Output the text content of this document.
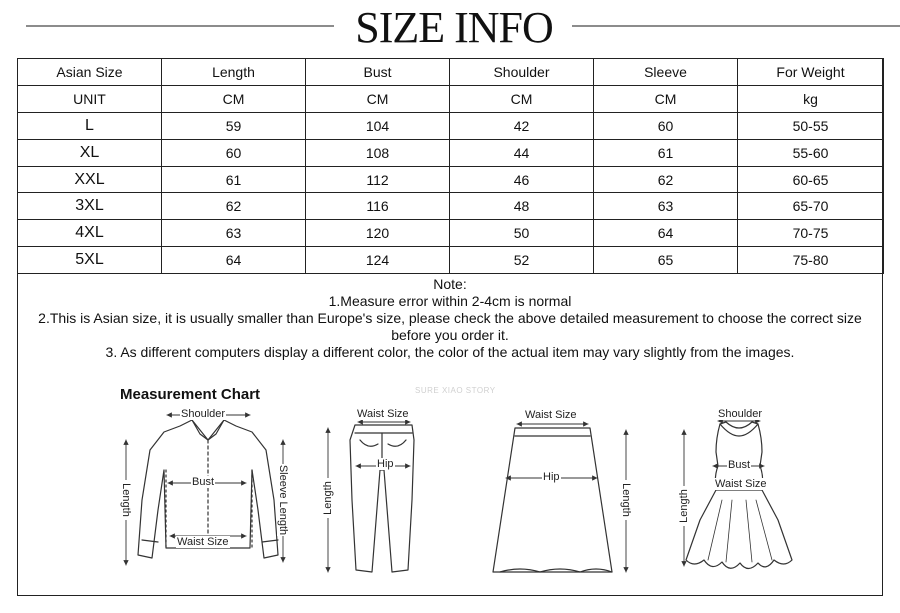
SIZE INFO
Asian Size	Length	Bust	Shoulder	Sleeve	For Weight
UNIT	CM	CM	CM	CM	kg
L	59	104	42	60	50-55
XL	60	108	44	61	55-60
XXL	61	112	46	62	60-65
3XL	62	116	48	63	65-70
4XL	63	120	50	64	70-75
5XL	64	124	52	65	75-80
Note:
1.Measure error within 2-4cm is normal
2.This is Asian size, it is usually smaller than Europe's size, please check the above detailed measurement to choose the correct size before you order it.
3. As different computers display a different color, the color of the actual item may vary slightly from the images.
Measurement Chart	SURE XIAO STORY
Shoulder
Bust
Waist Size
Length	Sleeve Length
Waist Size
Hip
Length
Waist Size
Hip
Length
Shoulder
Bust
Waist Size
Length
